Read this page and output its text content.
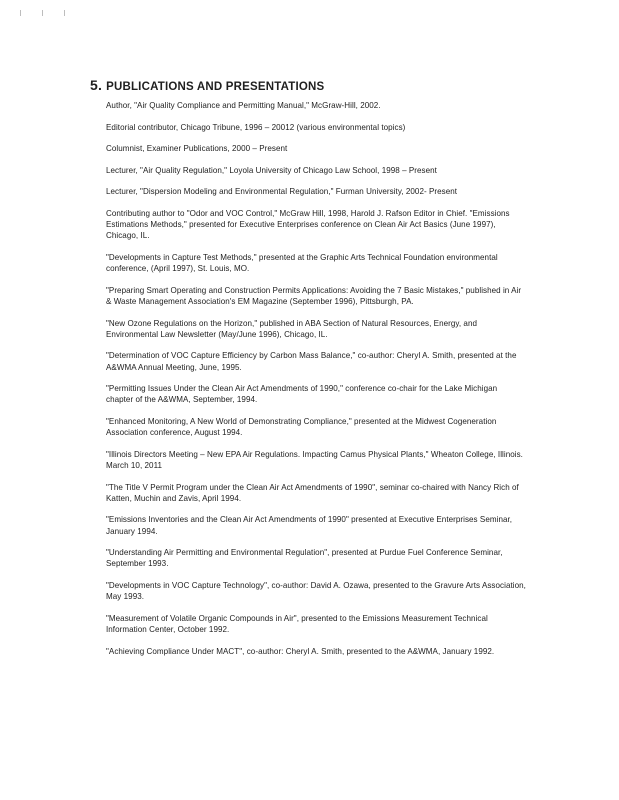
5. PUBLICATIONS AND PRESENTATIONS
Author, "Air Quality Compliance and Permitting Manual," McGraw-Hill, 2002.
Editorial contributor, Chicago Tribune, 1996 – 20012 (various environmental topics)
Columnist, Examiner Publications, 2000 – Present
Lecturer, "Air Quality Regulation," Loyola University of Chicago Law School, 1998 – Present
Lecturer, "Dispersion Modeling and Environmental Regulation," Furman University, 2002- Present
Contributing author to "Odor and VOC Control," McGraw Hill, 1998, Harold J. Rafson Editor in Chief. "Emissions Estimations Methods," presented for Executive Enterprises conference on Clean Air Act Basics (June 1997), Chicago, IL.
"Developments in Capture Test Methods," presented at the Graphic Arts Technical Foundation environmental conference, (April 1997), St. Louis, MO.
"Preparing Smart Operating and Construction Permits Applications: Avoiding the 7 Basic Mistakes," published in Air & Waste Management Association's EM Magazine (September 1996), Pittsburgh, PA.
"New Ozone Regulations on the Horizon," published in ABA Section of Natural Resources, Energy, and Environmental Law Newsletter (May/June 1996), Chicago, IL.
"Determination of VOC Capture Efficiency by Carbon Mass Balance," co-author: Cheryl A. Smith, presented at the A&WMA Annual Meeting, June, 1995.
"Permitting Issues Under the Clean Air Act Amendments of 1990," conference co-chair for the Lake Michigan chapter of the A&WMA, September, 1994.
"Enhanced Monitoring, A New World of Demonstrating Compliance," presented at the Midwest Cogeneration Association conference, August 1994.
"Illinois Directors Meeting – New EPA Air Regulations. Impacting Camus Physical Plants," Wheaton College, Illinois. March 10, 2011
"The Title V Permit Program under the Clean Air Act Amendments of 1990", seminar co-chaired with Nancy Rich of Katten, Muchin and Zavis, April 1994.
"Emissions Inventories and the Clean Air Act Amendments of 1990" presented at Executive Enterprises Seminar, January 1994.
"Understanding Air Permitting and Environmental Regulation", presented at Purdue Fuel Conference Seminar, September 1993.
"Developments in VOC Capture Technology", co-author: David A. Ozawa, presented to the Gravure Arts Association, May 1993.
"Measurement of Volatile Organic Compounds in Air", presented to the Emissions Measurement Technical Information Center, October 1992.
"Achieving Compliance Under MACT", co-author: Cheryl A. Smith, presented to the A&WMA, January 1992.
